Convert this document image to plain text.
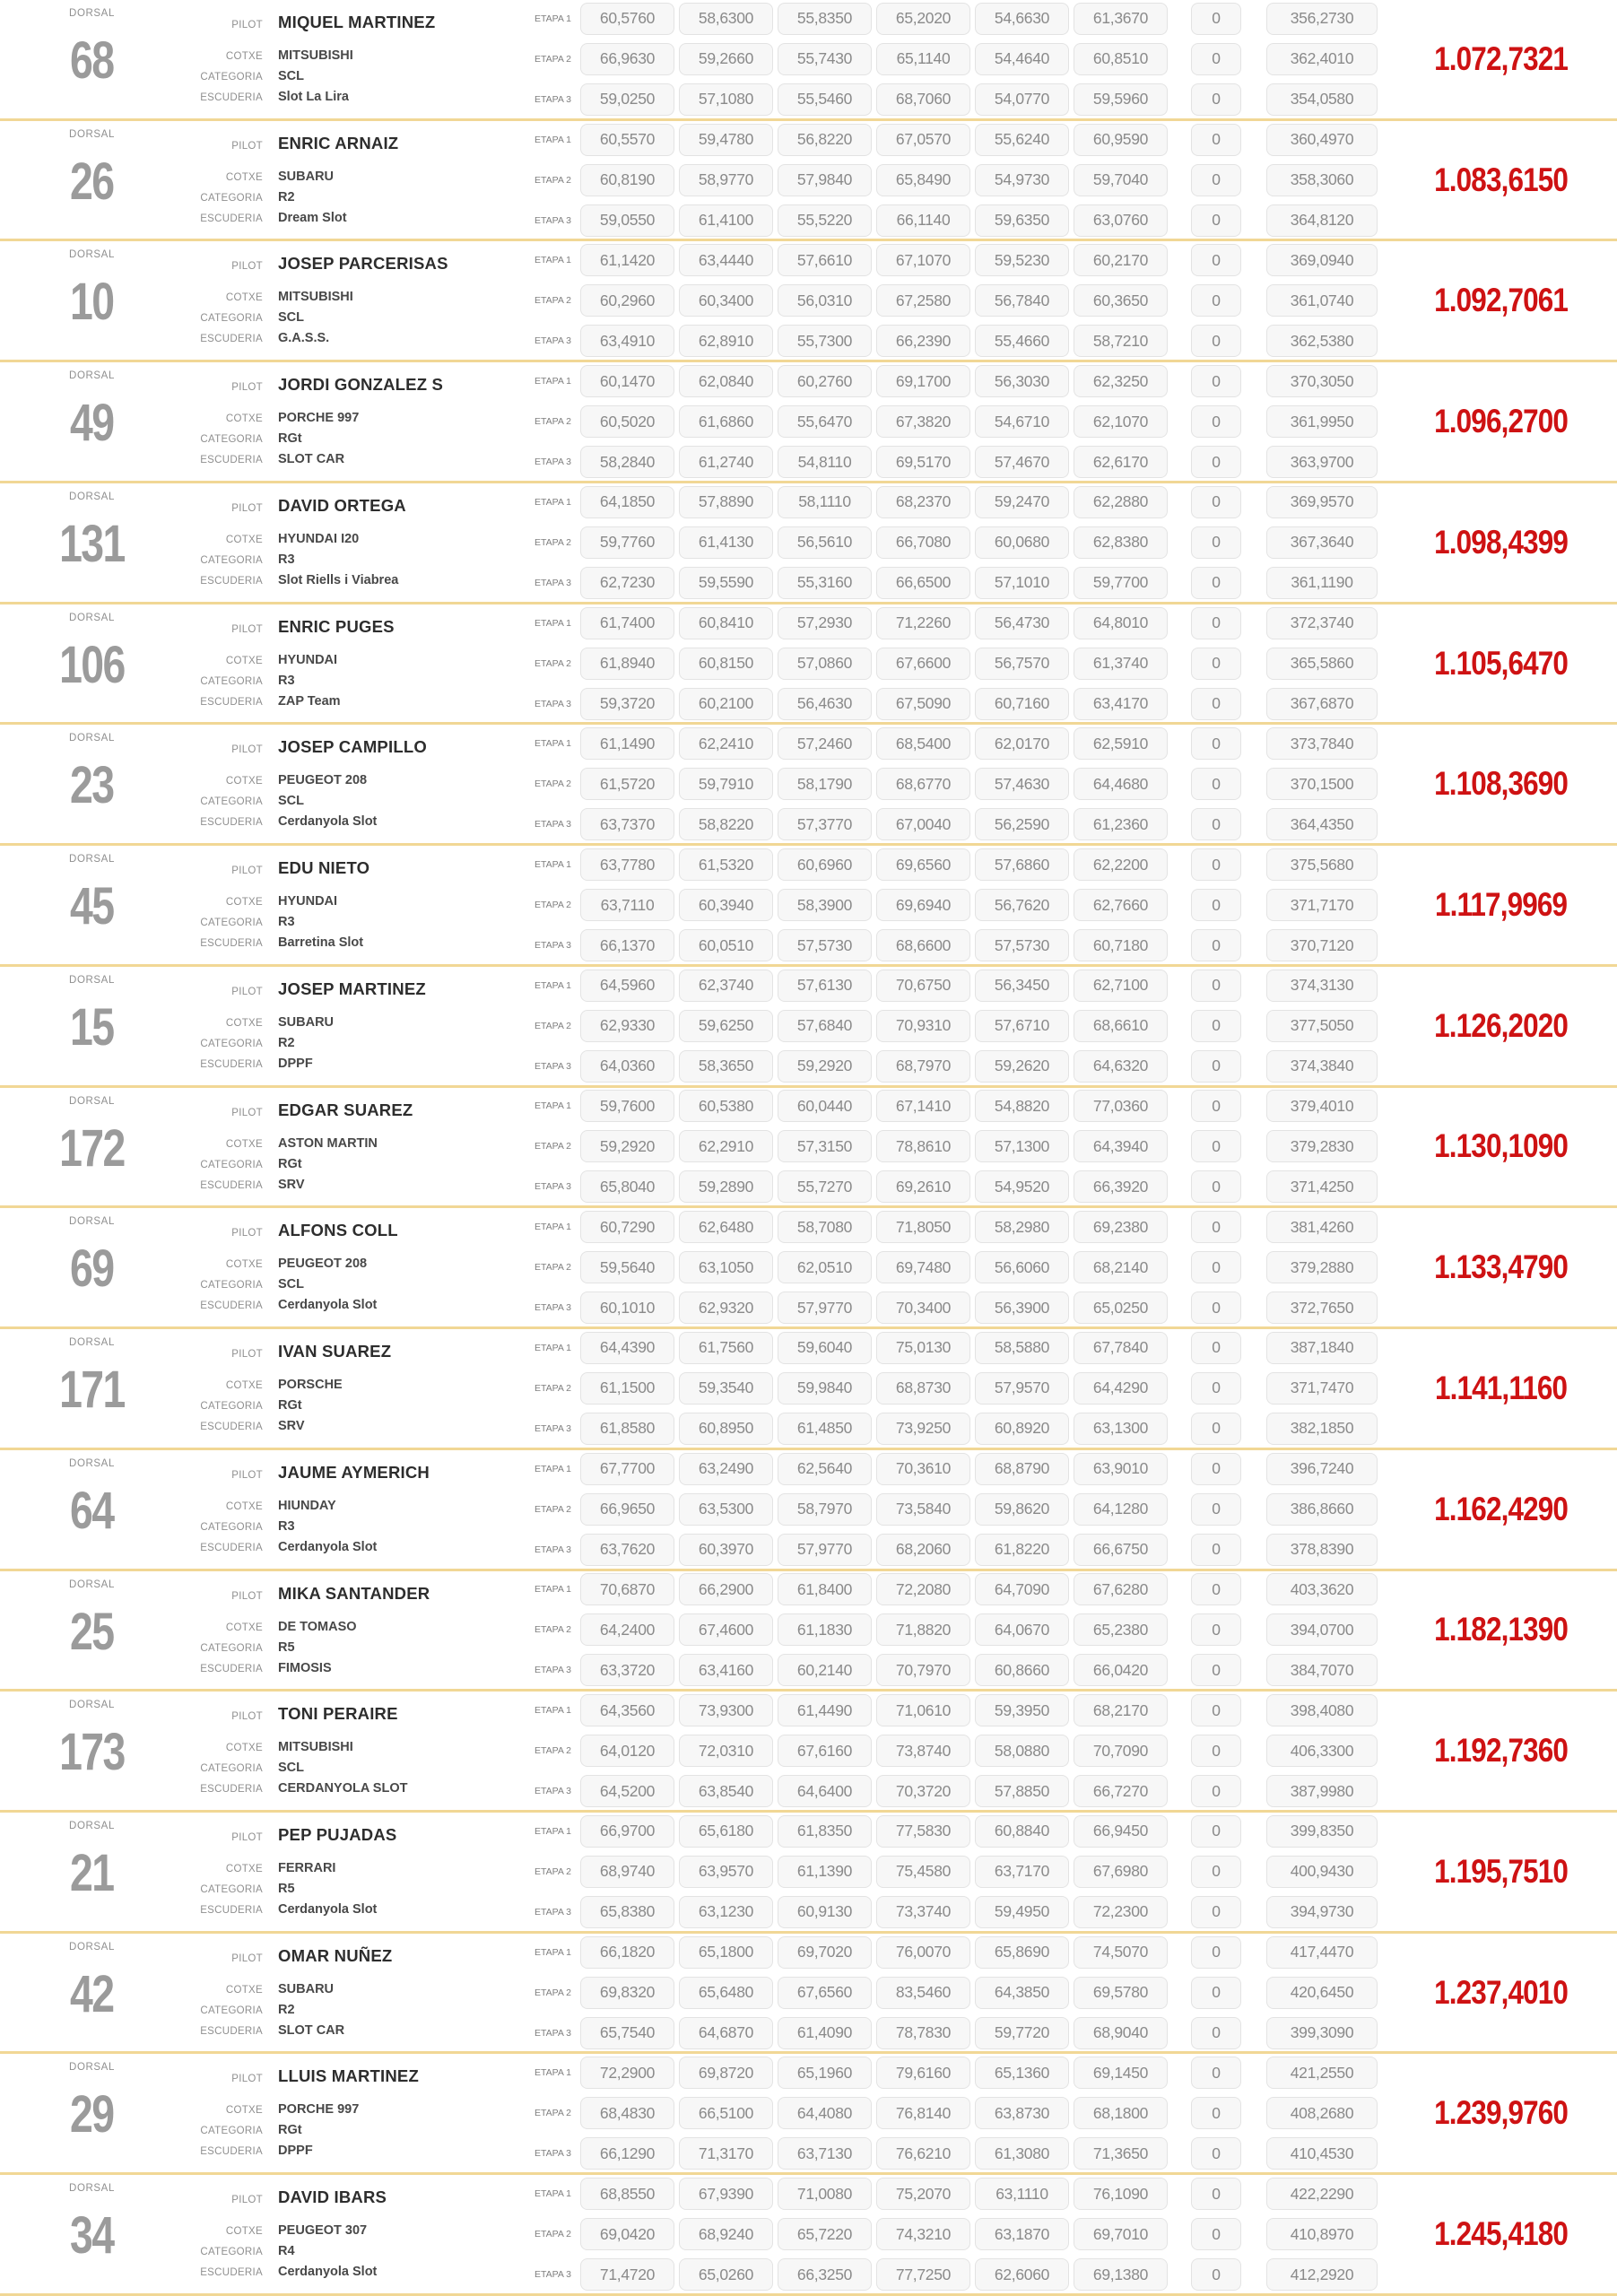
DORSAL
68
PILOT MIQUEL MARTINEZ
COTXE	MITSUBISHI
CATEGORIA	SCL
ESCUDERIA	Slot La Lira
ETAPA 1	60,5760	58,6300	55,8350	65,2020	54,6630	61,3670	0	356,2730
ETAPA 2	66,9630	59,2660	55,7430	65,1140	54,4640	60,8510	0	362,4010
ETAPA 3	59,0250	57,1080	55,5460	68,7060	54,0770	59,5960	0	354,0580
1.072,7321
DORSAL
26
PILOT ENRIC ARNAIZ
COTXE	SUBARU
CATEGORIA	R2
ESCUDERIA	Dream Slot
ETAPA 1	60,5570	59,4780	56,8220	67,0570	55,6240	60,9590	0	360,4970
ETAPA 2	60,8190	58,9770	57,9840	65,8490	54,9730	59,7040	0	358,3060
ETAPA 3	59,0550	61,4100	55,5220	66,1140	59,6350	63,0760	0	364,8120
1.083,6150
DORSAL
10
PILOT JOSEP PARCERISAS
COTXE	MITSUBISHI
CATEGORIA	SCL
ESCUDERIA	G.A.S.S.
ETAPA 1	61,1420	63,4440	57,6610	67,1070	59,5230	60,2170	0	369,0940
ETAPA 2	60,2960	60,3400	56,0310	67,2580	56,7840	60,3650	0	361,0740
ETAPA 3	63,4910	62,8910	55,7300	66,2390	55,4660	58,7210	0	362,5380
1.092,7061
DORSAL
49
PILOT JORDI GONZALEZ S
COTXE	PORCHE 997
CATEGORIA	RGt
ESCUDERIA	SLOT CAR
ETAPA 1	60,1470	62,0840	60,2760	69,1700	56,3030	62,3250	0	370,3050
ETAPA 2	60,5020	61,6860	55,6470	67,3820	54,6710	62,1070	0	361,9950
ETAPA 3	58,2840	61,2740	54,8110	69,5170	57,4670	62,6170	0	363,9700
1.096,2700
DORSAL
131
PILOT DAVID ORTEGA
COTXE	HYUNDAI I20
CATEGORIA	R3
ESCUDERIA	Slot Riells i Viabrea
ETAPA 1	64,1850	57,8890	58,1110	68,2370	59,2470	62,2880	0	369,9570
ETAPA 2	59,7760	61,4130	56,5610	66,7080	60,0680	62,8380	0	367,3640
ETAPA 3	62,7230	59,5590	55,3160	66,6500	57,1010	59,7700	0	361,1190
1.098,4399
DORSAL
106
PILOT ENRIC PUGES
COTXE	HYUNDAI
CATEGORIA	R3
ESCUDERIA	ZAP Team
ETAPA 1	61,7400	60,8410	57,2930	71,2260	56,4730	64,8010	0	372,3740
ETAPA 2	61,8940	60,8150	57,0860	67,6600	56,7570	61,3740	0	365,5860
ETAPA 3	59,3720	60,2100	56,4630	67,5090	60,7160	63,4170	0	367,6870
1.105,6470
DORSAL
23
PILOT JOSEP CAMPILLO
COTXE	PEUGEOT 208
CATEGORIA	SCL
ESCUDERIA	Cerdanyola Slot
ETAPA 1	61,1490	62,2410	57,2460	68,5400	62,0170	62,5910	0	373,7840
ETAPA 2	61,5720	59,7910	58,1790	68,6770	57,4630	64,4680	0	370,1500
ETAPA 3	63,7370	58,8220	57,3770	67,0040	56,2590	61,2360	0	364,4350
1.108,3690
DORSAL
45
PILOT EDU NIETO
COTXE	HYUNDAI
CATEGORIA	R3
ESCUDERIA	Barretina Slot
ETAPA 1	63,7780	61,5320	60,6960	69,6560	57,6860	62,2200	0	375,5680
ETAPA 2	63,7110	60,3940	58,3900	69,6940	56,7620	62,7660	0	371,7170
ETAPA 3	66,1370	60,0510	57,5730	68,6600	57,5730	60,7180	0	370,7120
1.117,9969
DORSAL
15
PILOT JOSEP MARTINEZ
COTXE	SUBARU
CATEGORIA	R2
ESCUDERIA	DPPF
ETAPA 1	64,5960	62,3740	57,6130	70,6750	56,3450	62,7100	0	374,3130
ETAPA 2	62,9330	59,6250	57,6840	70,9310	57,6710	68,6610	0	377,5050
ETAPA 3	64,0360	58,3650	59,2920	68,7970	59,2620	64,6320	0	374,3840
1.126,2020
DORSAL
172
PILOT EDGAR SUAREZ
COTXE	ASTON MARTIN
CATEGORIA	RGt
ESCUDERIA	SRV
ETAPA 1	59,7600	60,5380	60,0440	67,1410	54,8820	77,0360	0	379,4010
ETAPA 2	59,2920	62,2910	57,3150	78,8610	57,1300	64,3940	0	379,2830
ETAPA 3	65,8040	59,2890	55,7270	69,2610	54,9520	66,3920	0	371,4250
1.130,1090
DORSAL
69
PILOT ALFONS COLL
COTXE	PEUGEOT 208
CATEGORIA	SCL
ESCUDERIA	Cerdanyola Slot
ETAPA 1	60,7290	62,6480	58,7080	71,8050	58,2980	69,2380	0	381,4260
ETAPA 2	59,5640	63,1050	62,0510	69,7480	56,6060	68,2140	0	379,2880
ETAPA 3	60,1010	62,9320	57,9770	70,3400	56,3900	65,0250	0	372,7650
1.133,4790
DORSAL
171
PILOT IVAN SUAREZ
COTXE	PORSCHE
CATEGORIA	RGt
ESCUDERIA	SRV
ETAPA 1	64,4390	61,7560	59,6040	75,0130	58,5880	67,7840	0	387,1840
ETAPA 2	61,1500	59,3540	59,9840	68,8730	57,9570	64,4290	0	371,7470
ETAPA 3	61,8580	60,8950	61,4850	73,9250	60,8920	63,1300	0	382,1850
1.141,1160
DORSAL
64
PILOT JAUME AYMERICH
COTXE	HIUNDAY
CATEGORIA	R3
ESCUDERIA	Cerdanyola Slot
ETAPA 1	67,7700	63,2490	62,5640	70,3610	68,8790	63,9010	0	396,7240
ETAPA 2	66,9650	63,5300	58,7970	73,5840	59,8620	64,1280	0	386,8660
ETAPA 3	63,7620	60,3970	57,9770	68,2060	61,8220	66,6750	0	378,8390
1.162,4290
DORSAL
25
PILOT MIKA SANTANDER
COTXE	DE TOMASO
CATEGORIA	R5
ESCUDERIA	FIMOSIS
ETAPA 1	70,6870	66,2900	61,8400	72,2080	64,7090	67,6280	0	403,3620
ETAPA 2	64,2400	67,4600	61,1830	71,8820	64,0670	65,2380	0	394,0700
ETAPA 3	63,3720	63,4160	60,2140	70,7970	60,8660	66,0420	0	384,7070
1.182,1390
DORSAL
173
PILOT TONI PERAIRE
COTXE	MITSUBISHI
CATEGORIA	SCL
ESCUDERIA	CERDANYOLA SLOT
ETAPA 1	64,3560	73,9300	61,4490	71,0610	59,3950	68,2170	0	398,4080
ETAPA 2	64,0120	72,0310	67,6160	73,8740	58,0880	70,7090	0	406,3300
ETAPA 3	64,5200	63,8540	64,6400	70,3720	57,8850	66,7270	0	387,9980
1.192,7360
DORSAL
21
PILOT PEP PUJADAS
COTXE	FERRARI
CATEGORIA	R5
ESCUDERIA	Cerdanyola Slot
ETAPA 1	66,9700	65,6180	61,8350	77,5830	60,8840	66,9450	0	399,8350
ETAPA 2	68,9740	63,9570	61,1390	75,4580	63,7170	67,6980	0	400,9430
ETAPA 3	65,8380	63,1230	60,9130	73,3740	59,4950	72,2300	0	394,9730
1.195,7510
DORSAL
42
PILOT OMAR NUÑEZ
COTXE	SUBARU
CATEGORIA	R2
ESCUDERIA	SLOT CAR
ETAPA 1	66,1820	65,1800	69,7020	76,0070	65,8690	74,5070	0	417,4470
ETAPA 2	69,8320	65,6480	67,6560	83,5460	64,3850	69,5780	0	420,6450
ETAPA 3	65,7540	64,6870	61,4090	78,7830	59,7720	68,9040	0	399,3090
1.237,4010
DORSAL
29
PILOT LLUIS MARTINEZ
COTXE	PORCHE 997
CATEGORIA	RGt
ESCUDERIA	DPPF
ETAPA 1	72,2900	69,8720	65,1960	79,6160	65,1360	69,1450	0	421,2550
ETAPA 2	68,4830	66,5100	64,4080	76,8140	63,8730	68,1800	0	408,2680
ETAPA 3	66,1290	71,3170	63,7130	76,6210	61,3080	71,3650	0	410,4530
1.239,9760
DORSAL
34
PILOT DAVID IBARS
COTXE	PEUGEOT 307
CATEGORIA	R4
ESCUDERIA	Cerdanyola Slot
ETAPA 1	68,8550	67,9390	71,0080	75,2070	63,1110	76,1090	0	422,2290
ETAPA 2	69,0420	68,9240	65,7220	74,3210	63,1870	69,7010	0	410,8970
ETAPA 3	71,4720	65,0260	66,3250	77,7250	62,6060	69,1380	0	412,2920
1.245,4180
